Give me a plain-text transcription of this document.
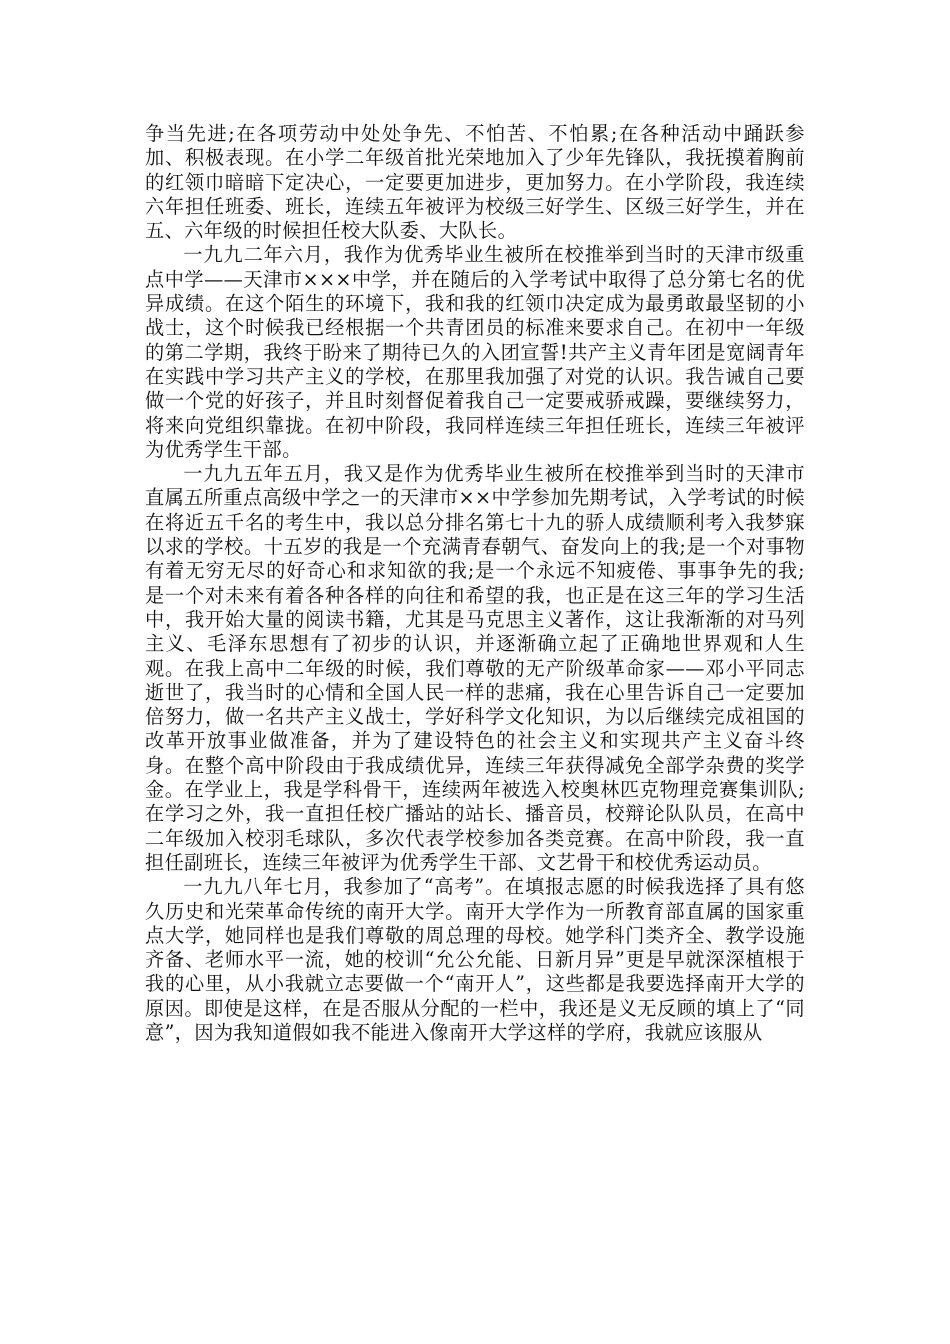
争当先进;在各项劳动中处处争先、不怕苦、不怕累;在各种活动中踊跃参加、积极表现。在小学二年级首批光荣地加入了少年先锋队，我抚摸着胸前的红领巾暗暗下定决心，一定要更加进步，更加努力。在小学阶段，我连续六年担任班委、班长，连续五年被评为校级三好学生、区级三好学生，并在五、六年级的时候担任校大队委、大队长。

一九九二年六月，我作为优秀毕业生被所在校推举到当时的天津市级重点中学——天津市×××中学，并在随后的入学考试中取得了总分第七名的优异成绩。在这个陌生的环境下，我和我的红领巾决定成为最勇敢最坚韧的小战士，这个时候我已经根据一个共青团员的标准来要求自己。在初中一年级的第二学期，我终于盼来了期待已久的入团宣誓!共产主义青年团是宽阔青年在实践中学习共产主义的学校，在那里我加强了对党的认识。我告诫自己要做一个党的好孩子，并且时刻督促着我自己一定要戒骄戒躁，要继续努力，将来向党组织靠拢。在初中阶段，我同样连续三年担任班长，连续三年被评为优秀学生干部。

一九九五年五月，我又是作为优秀毕业生被所在校推举到当时的天津市直属五所重点高级中学之一的天津市××中学参加先期考试，入学考试的时候在将近五千名的考生中，我以总分排名第七十九的骄人成绩顺利考入我梦寐以求的学校。十五岁的我是一个充满青春朝气、奋发向上的我;是一个对事物有着无穷无尽的好奇心和求知欲的我;是一个永远不知疲倦、事事争先的我;是一个对未来有着各种各样的向往和希望的我，也正是在这三年的学习生活中，我开始大量的阅读书籍，尤其是马克思主义著作，这让我渐渐的对马列主义、毛泽东思想有了初步的认识，并逐渐确立起了正确地世界观和人生观。在我上高中二年级的时候，我们尊敬的无产阶级革命家——邓小平同志逝世了，我当时的心情和全国人民一样的悲痛，我在心里告诉自己一定要加倍努力，做一名共产主义战士，学好科学文化知识，为以后继续完成祖国的改革开放事业做准备，并为了建设特色的社会主义和实现共产主义奋斗终身。在整个高中阶段由于我成绩优异，连续三年获得减免全部学杂费的奖学金。在学业上，我是学科骨干，连续两年被选入校奥林匹克物理竞赛集训队;在学习之外，我一直担任校广播站的站长、播音员，校辩论队队员，在高中二年级加入校羽毛球队，多次代表学校参加各类竞赛。在高中阶段，我一直担任副班长，连续三年被评为优秀学生干部、文艺骨干和校优秀运动员。

一九九八年七月，我参加了“高考”。在填报志愿的时候我选择了具有悠久历史和光荣革命传统的南开大学。南开大学作为一所教育部直属的国家重点大学，她同样也是我们尊敬的周总理的母校。她学科门类齐全、教学设施齐备、老师水平一流，她的校训“允公允能、日新月异”更是早就深深植根于我的心里，从小我就立志要做一个“南开人”，这些都是我要选择南开大学的原因。即使是这样，在是否服从分配的一栏中，我还是义无反顾的填上了“同意”，因为我知道假如我不能进入像南开大学这样的学府，我就应该服从
